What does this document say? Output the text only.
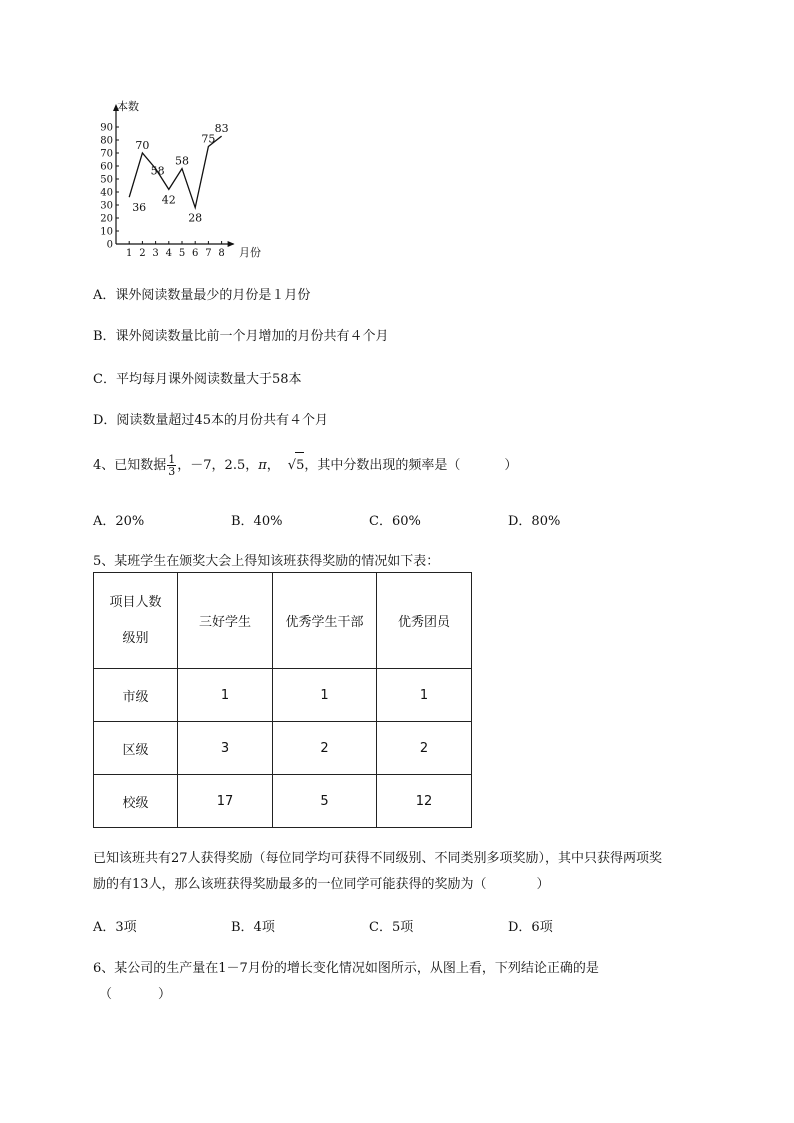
0
10
20
30
40
50
60
70
80
90
1 2 3 4 5 6 7 8
36
70
58
42
58
28
75
83
本数
月份
A．课外阅读数量最少的月份是１月份
B．课外阅读数量比前一个月增加的月份共有４个月
C．平均每月课外阅读数量大于58本
D．阅读数量超过45本的月份共有４个月
4、已知数据 $\frac{1}{3}$ ，－7，2.5，π， √5，其中分数出现的频率是（	）
A．20%	B．40%	C．60%	D．80%
5、某班学生在颁奖大会上得知该班获得奖励的情况如下表：
项目人数
级别	三好学生	优秀学生干部	优秀团员
市级	1	1	1
区级	3	2	2
校级	17	5	12
已知该班共有27人获得奖励（每位同学均可获得不同级别、不同类别多项奖励），其中只获得两项奖
励的有13人，那么该班获得奖励最多的一位同学可能获得的奖励为（	）
A．3项	B．4项	C．5项	D．6项
6、某公司的生产量在1－7月份的增长变化情况如图所示，从图上看，下列结论正确的是
（	）
